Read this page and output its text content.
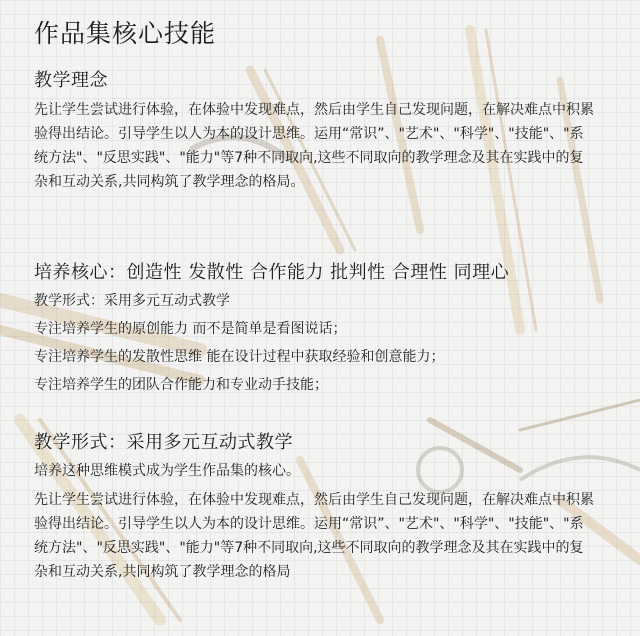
作品集核心技能
教学理念
先让学生尝试进行体验，在体验中发现难点，然后由学生自己发现问题，在解决难点中积累验得出结论。引导学生以人为本的设计思维。运用“常识”、"艺术"、"科学"、"技能"、"系统方法"、"反思实践"、"能力"等7种不同取向,这些不同取向的教学理念及其在实践中的复杂和互动关系,共同构筑了教学理念的格局。
培养核心：创造性 发散性 合作能力 批判性 合理性 同理心
教学形式：采用多元互动式教学
专注培养学生的原创能力 而不是简单是看图说话；
专注培养学生的发散性思维 能在设计过程中获取经验和创意能力；
专注培养学生的团队合作能力和专业动手技能；
教学形式：采用多元互动式教学
培养这种思维模式成为学生作品集的核心。
先让学生尝试进行体验，在体验中发现难点，然后由学生自己发现问题，在解决难点中积累验得出结论。引导学生以人为本的设计思维。运用“常识”、"艺术"、"科学"、"技能"、"系统方法"、"反思实践"、"能力"等7种不同取向,这些不同取向的教学理念及其在实践中的复杂和互动关系,共同构筑了教学理念的格局
